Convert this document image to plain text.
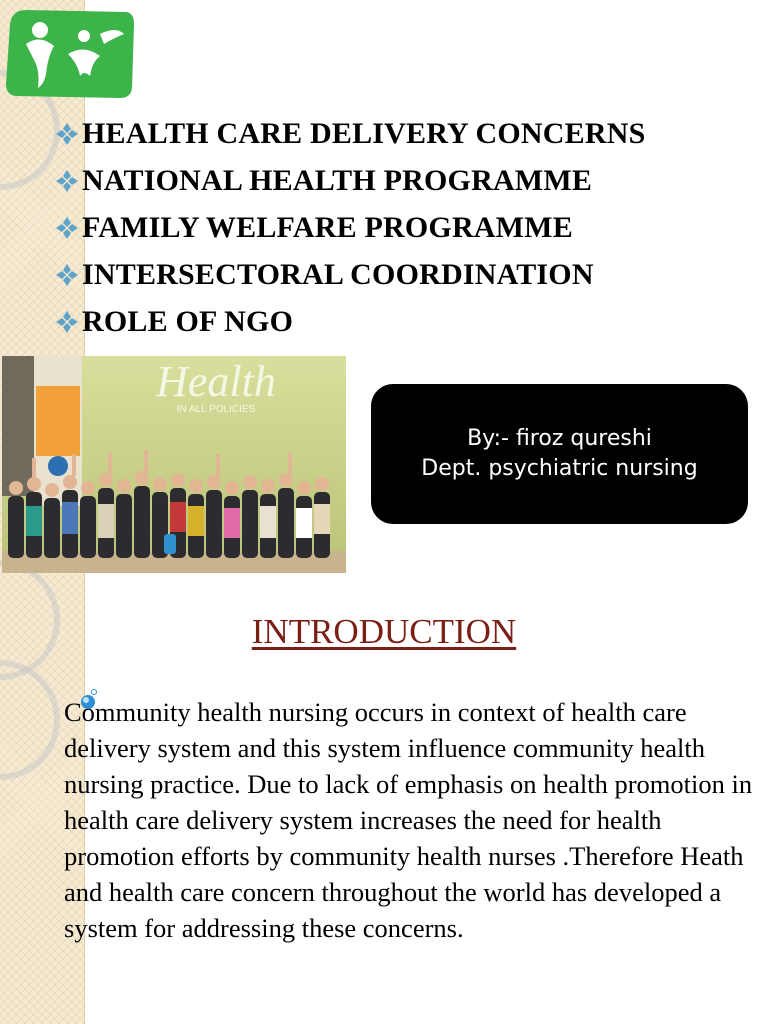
HEALTH CARE DELIVERY CONCERNS
NATIONAL HEALTH PROGRAMME
FAMILY WELFARE PROGRAMME
INTERSECTORAL COORDINATION
ROLE OF NGO
Health
IN ALL POLICIES
By:- firoz qureshi
Dept. psychiatric nursing
INTRODUCTION

Community health nursing occurs in context of health care delivery system and this system influence community health nursing practice. Due to lack of emphasis on health promotion in health care delivery system increases the need for health promotion efforts by community health nurses .Therefore Heath and health care concern throughout the world has developed a system for addressing these concerns.
